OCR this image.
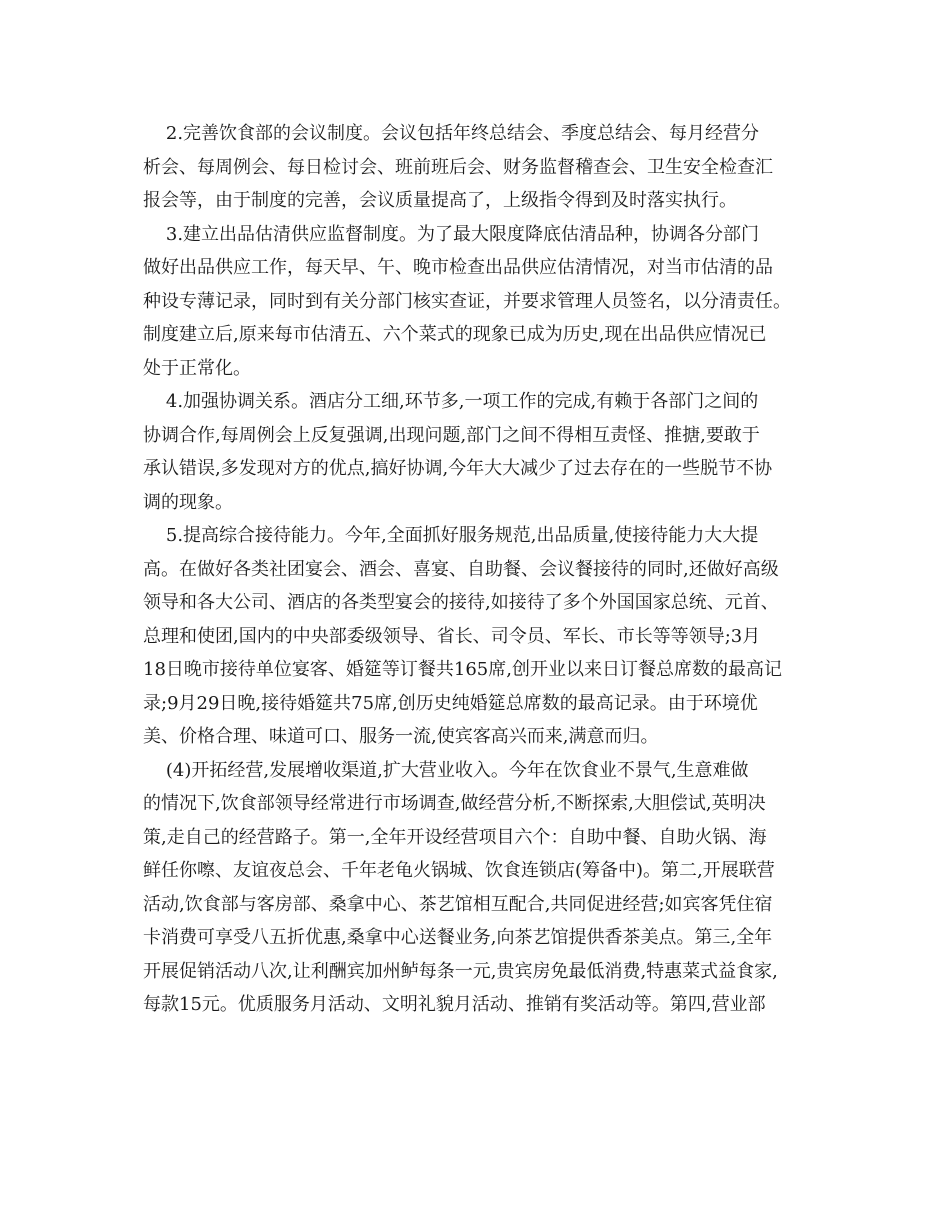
2.完善饮食部的会议制度。会议包括年终总结会、季度总结会、每月经营分
析会、每周例会、每日检讨会、班前班后会、财务监督稽查会、卫生安全检查汇
报会等，由于制度的完善，会议质量提高了，上级指令得到及时落实执行。
3.建立出品估清供应监督制度。为了最大限度降底估清品种，协调各分部门
做好出品供应工作，每天早、午、晚市检查出品供应估清情况，对当市估清的品
种设专薄记录，同时到有关分部门核实查证，并要求管理人员签名，以分清责任。
制度建立后,原来每市估清五、六个菜式的现象已成为历史,现在出品供应情况已
处于正常化。
4.加强协调关系。酒店分工细,环节多,一项工作的完成,有赖于各部门之间的
协调合作,每周例会上反复强调,出现问题,部门之间不得相互责怪、推搪,要敢于
承认错误,多发现对方的优点,搞好协调,今年大大减少了过去存在的一些脱节不协
调的现象。
5.提高综合接待能力。今年,全面抓好服务规范,出品质量,使接待能力大大提
高。在做好各类社团宴会、酒会、喜宴、自助餐、会议餐接待的同时,还做好高级
领导和各大公司、酒店的各类型宴会的接待,如接待了多个外国国家总统、元首、
总理和使团,国内的中央部委级领导、省长、司令员、军长、市长等等领导;3月
18日晚市接待单位宴客、婚筵等订餐共165席,创开业以来日订餐总席数的最高记
录;9月29日晚,接待婚筵共75席,创历史纯婚筵总席数的最高记录。由于环境优
美、价格合理、味道可口、服务一流,使宾客高兴而来,满意而归。
(4)开拓经营,发展增收渠道,扩大营业收入。今年在饮食业不景气,生意难做
的情况下,饮食部领导经常进行市场调查,做经营分析,不断探索,大胆偿试,英明决
策,走自己的经营路子。第一,全年开设经营项目六个：自助中餐、自助火锅、海
鲜任你嚓、友谊夜总会、千年老龟火锅城、饮食连锁店(筹备中)。第二,开展联营
活动,饮食部与客房部、桑拿中心、茶艺馆相互配合,共同促进经营;如宾客凭住宿
卡消费可享受八五折优惠,桑拿中心送餐业务,向茶艺馆提供香茶美点。第三,全年
开展促销活动八次,让利酬宾加州鲈每条一元,贵宾房免最低消费,特惠菜式益食家,
每款15元。优质服务月活动、文明礼貌月活动、推销有奖活动等。第四,营业部
